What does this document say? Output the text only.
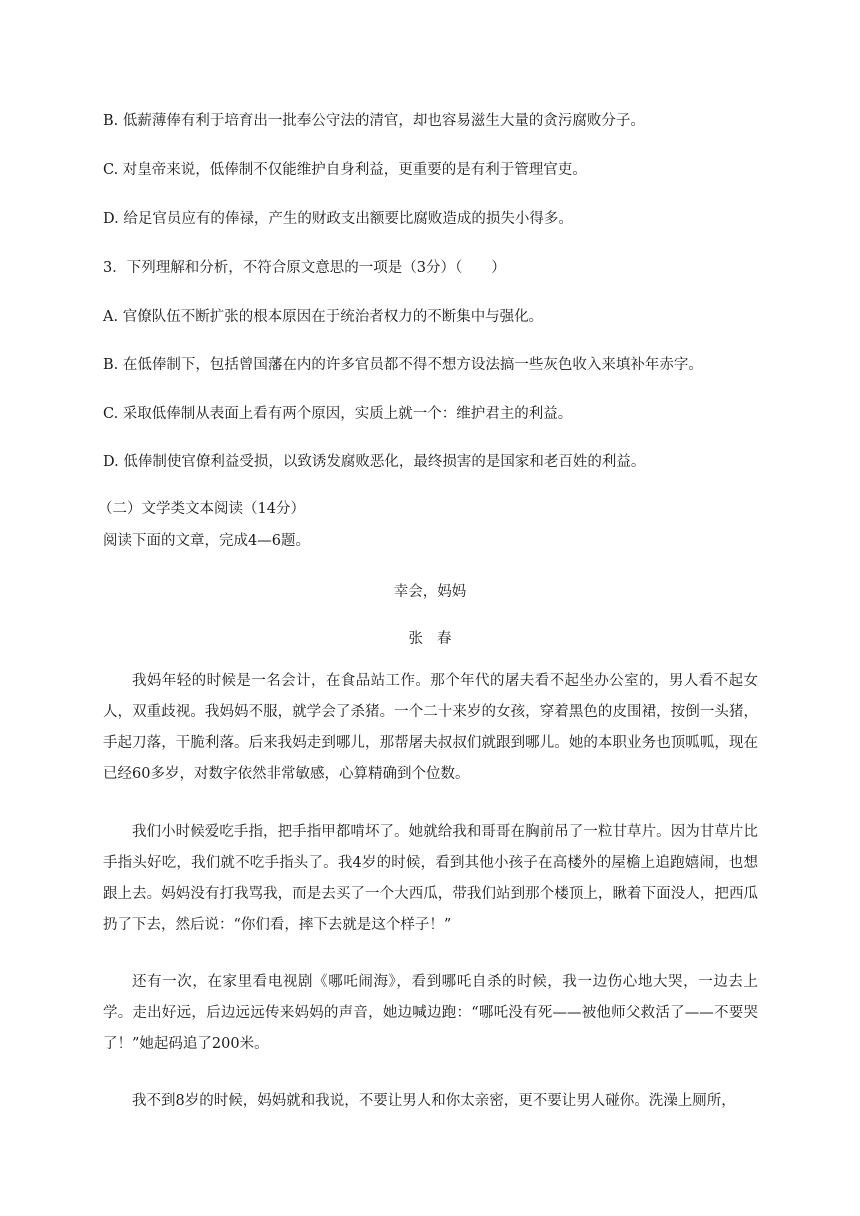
B. 低薪薄俸有利于培育出一批奉公守法的清官，却也容易滋生大量的贪污腐败分子。
C. 对皇帝来说，低俸制不仅能维护自身利益，更重要的是有利于管理官吏。
D. 给足官员应有的俸禄，产生的财政支出额要比腐败造成的损失小得多。
3．下列理解和分析，不符合原文意思的一项是（3分）（　　）
A. 官僚队伍不断扩张的根本原因在于统治者权力的不断集中与强化。
B. 在低俸制下，包括曾国藩在内的许多官员都不得不想方设法搞一些灰色收入来填补年赤字。
C. 采取低俸制从表面上看有两个原因，实质上就一个：维护君主的利益。
D. 低俸制使官僚利益受损，以致诱发腐败恶化，最终损害的是国家和老百姓的利益。
（二）文学类文本阅读（14分）
阅读下面的文章，完成4—6题。
幸会，妈妈
张春
我妈年轻的时候是一名会计，在食品站工作。那个年代的屠夫看不起坐办公室的，男人看不起女人，双重歧视。我妈妈不服，就学会了杀猪。一个二十来岁的女孩，穿着黑色的皮围裙，按倒一头猪，手起刀落，干脆利落。后来我妈走到哪儿，那帮屠夫叔叔们就跟到哪儿。她的本职业务也顶呱呱，现在已经60多岁，对数字依然非常敏感，心算精确到个位数。
我们小时候爱吃手指，把手指甲都啃坏了。她就给我和哥哥在胸前吊了一粒甘草片。因为甘草片比手指头好吃，我们就不吃手指头了。我4岁的时候，看到其他小孩子在高楼外的屋檐上追跑嬉闹，也想跟上去。妈妈没有打我骂我，而是去买了一个大西瓜，带我们站到那个楼顶上，瞅着下面没人，把西瓜扔了下去，然后说：“你们看，摔下去就是这个样子！”
还有一次，在家里看电视剧《哪吒闹海》，看到哪吒自杀的时候，我一边伤心地大哭，一边去上学。走出好远，后边远远传来妈妈的声音，她边喊边跑：“哪吒没有死——被他师父救活了——不要哭了！”她起码追了200米。
我不到8岁的时候，妈妈就和我说，不要让男人和你太亲密，更不要让男人碰你。洗澡上厕所，
